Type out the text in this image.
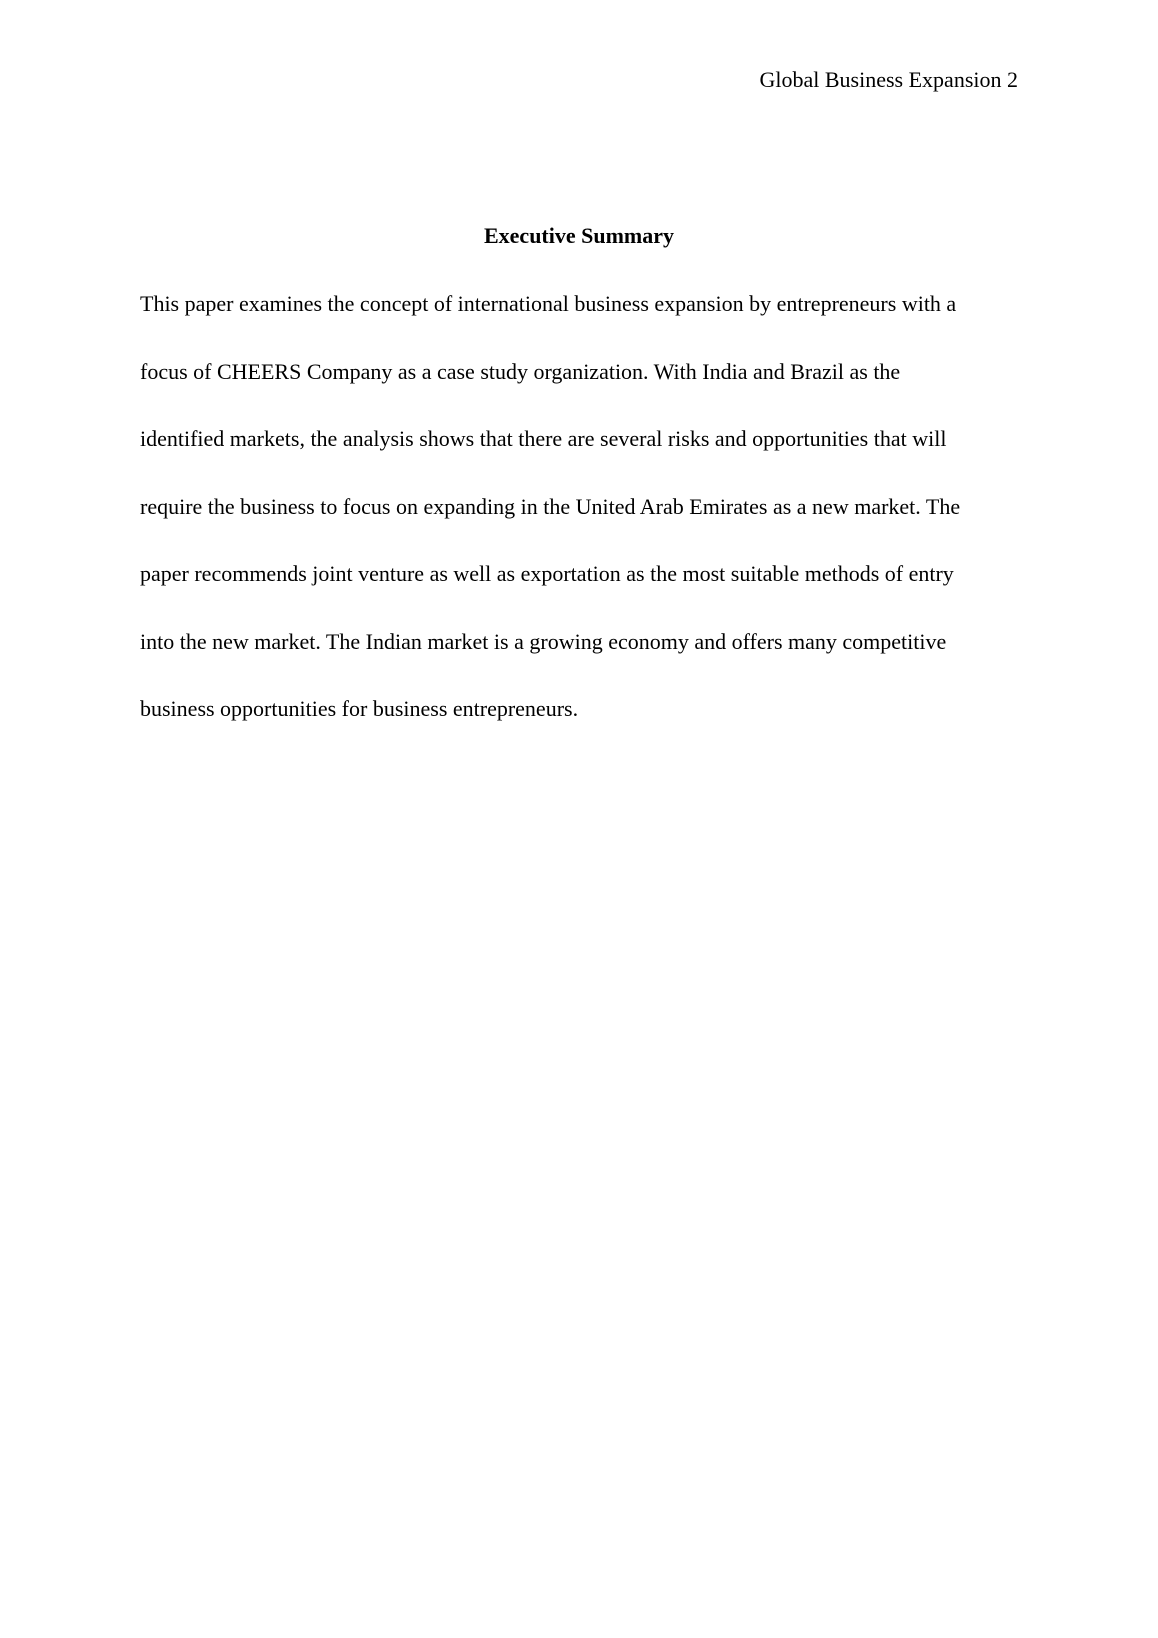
Global Business Expansion 2
Executive Summary
This paper examines the concept of international business expansion by entrepreneurs with a
focus of CHEERS Company as a case study organization. With India and Brazil as the
identified markets, the analysis shows that there are several risks and opportunities that will
require the business to focus on expanding in the United Arab Emirates as a new market. The
paper recommends joint venture as well as exportation as the most suitable methods of entry
into the new market. The Indian market is a growing economy and offers many competitive
business opportunities for business entrepreneurs.
